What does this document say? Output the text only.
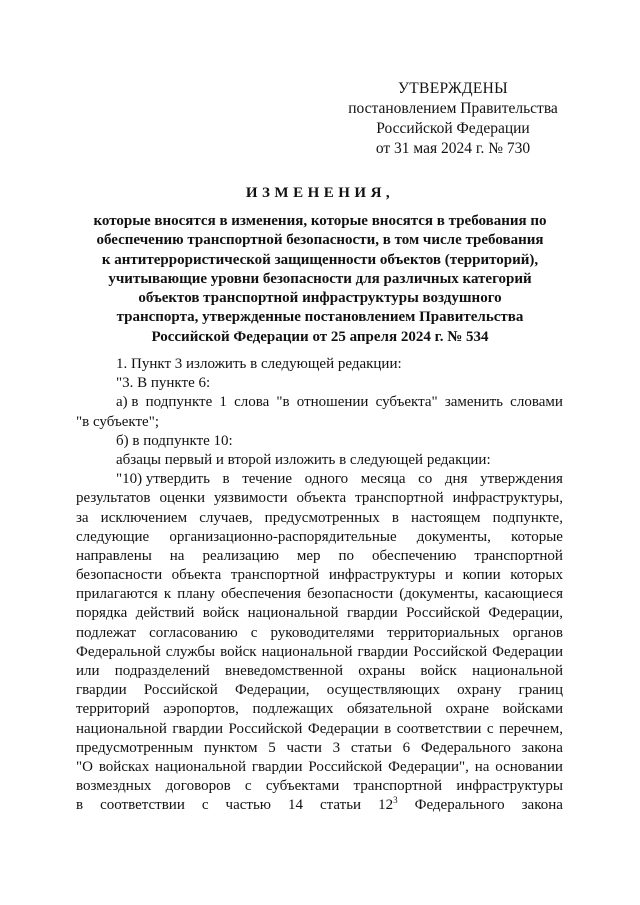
УТВЕРЖДЕНЫ
постановлением Правительства
Российской Федерации
от 31 мая 2024 г. № 730
ИЗМЕНЕНИЯ,
которые вносятся в изменения, которые вносятся в требования по
обеспечению транспортной безопасности, в том числе требования
к антитеррористической защищенности объектов (территорий),
учитывающие уровни безопасности для различных категорий
объектов транспортной инфраструктуры воздушного
транспорта, утвержденные постановлением Правительства
Российской Федерации от 25 апреля 2024 г. № 534
1. Пункт 3 изложить в следующей редакции:
"3. В пункте 6:
а) в подпункте 1 слова "в отношении субъекта" заменить словами
"в субъекте";
б) в подпункте 10:
абзацы первый и второй изложить в следующей редакции:
"10) утвердить в течение одного месяца со дня утверждения
результатов оценки уязвимости объекта транспортной инфраструктуры,
за исключением случаев, предусмотренных в настоящем подпункте,
следующие организационно-распорядительные документы, которые
направлены на реализацию мер по обеспечению транспортной
безопасности объекта транспортной инфраструктуры и копии которых
прилагаются к плану обеспечения безопасности (документы, касающиеся
порядка действий войск национальной гвардии Российской Федерации,
подлежат согласованию с руководителями территориальных органов
Федеральной службы войск национальной гвардии Российской Федерации
или подразделений вневедомственной охраны войск национальной
гвардии Российской Федерации, осуществляющих охрану границ
территорий аэропортов, подлежащих обязательной охране войсками
национальной гвардии Российской Федерации в соответствии с перечнем,
предусмотренным пунктом 5 части 3 статьи 6 Федерального закона
"О войсках национальной гвардии Российской Федерации", на основании
возмездных договоров с субъектами транспортной инфраструктуры
в соответствии с частью 14 статьи $12^3$ Федерального закона
